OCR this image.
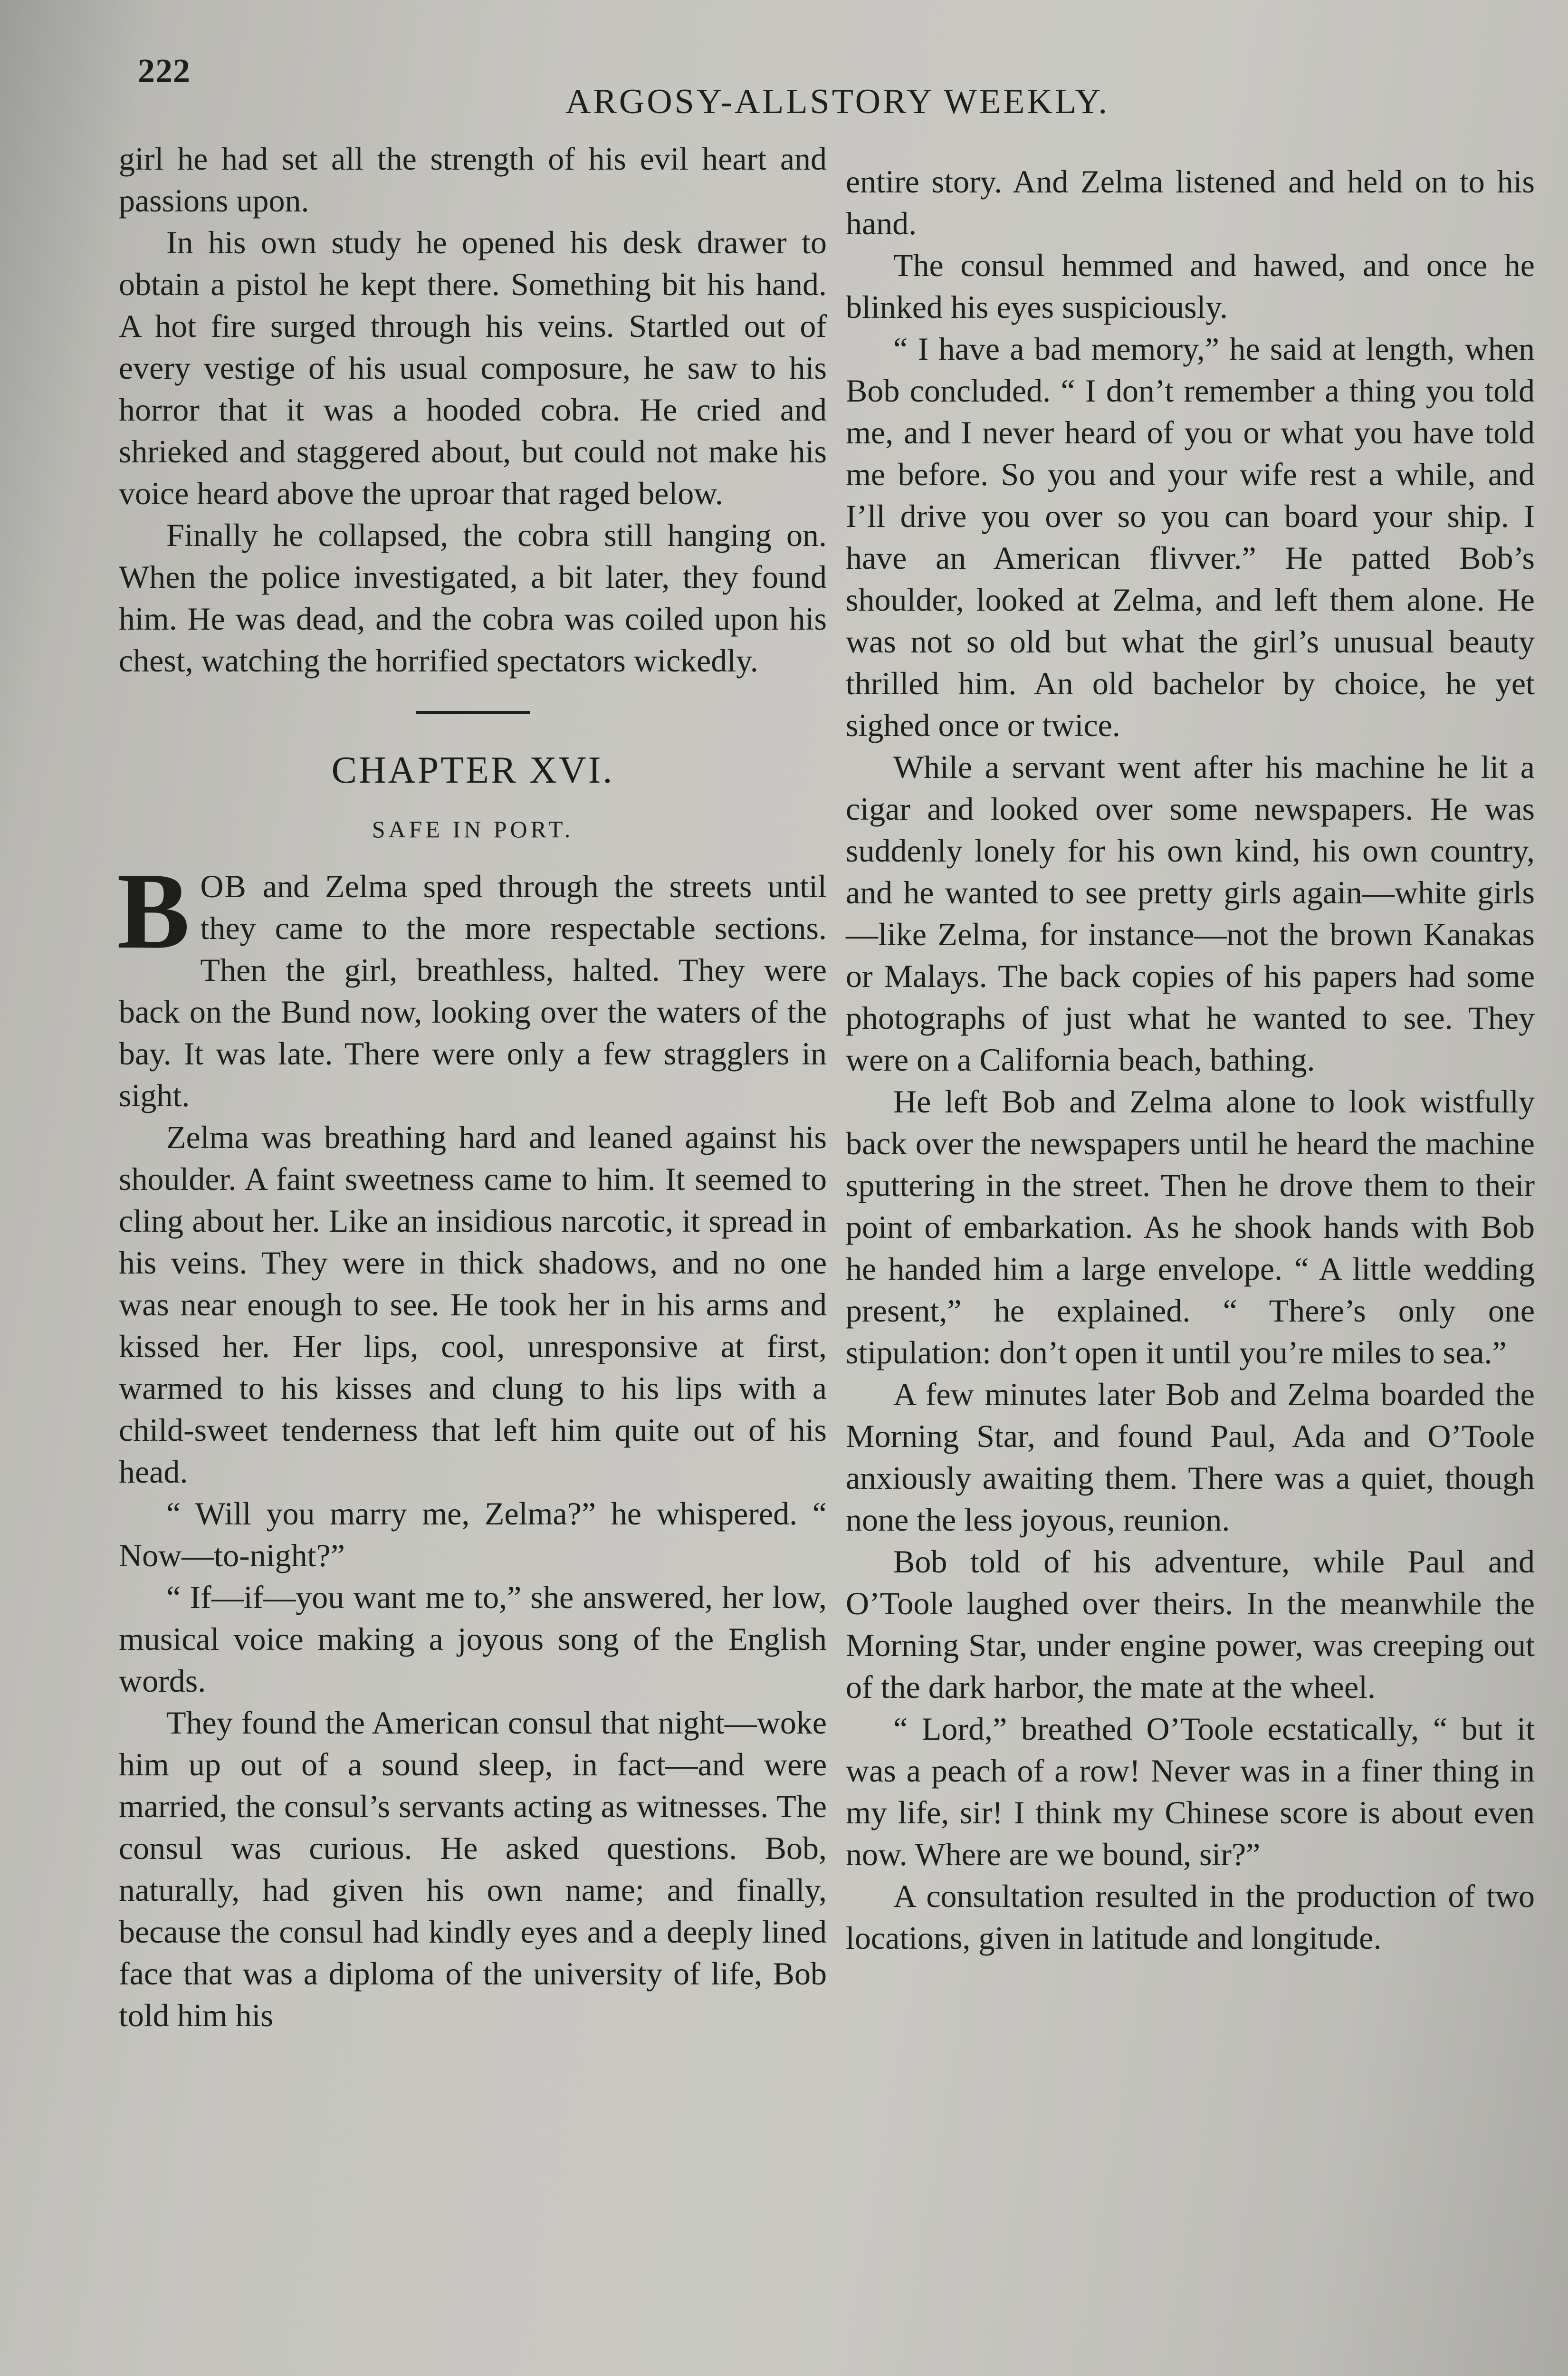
222
ARGOSY-ALLSTORY WEEKLY.

girl he had set all the strength of his evil heart and passions upon.

In his own study he opened his desk drawer to obtain a pistol he kept there. Something bit his hand. A hot fire surged through his veins. Startled out of every vestige of his usual composure, he saw to his horror that it was a hooded cobra. He cried and shrieked and staggered about, but could not make his voice heard above the uproar that raged below.

Finally he collapsed, the cobra still hanging on. When the police investigated, a bit later, they found him. He was dead, and the cobra was coiled upon his chest, watching the horrified spectators wickedly.

CHAPTER XVI.
SAFE IN PORT.

BOB and Zelma sped through the streets until they came to the more respectable sections. Then the girl, breathless, halted. They were back on the Bund now, looking over the waters of the bay. It was late. There were only a few stragglers in sight.

Zelma was breathing hard and leaned against his shoulder. A faint sweetness came to him. It seemed to cling about her. Like an insidious narcotic, it spread in his veins. They were in thick shadows, and no one was near enough to see. He took her in his arms and kissed her. Her lips, cool, unresponsive at first, warmed to his kisses and clung to his lips with a child-sweet tenderness that left him quite out of his head.

“ Will you marry me, Zelma?” he whispered. “ Now—to-night?”

“ If—if—you want me to,” she answered, her low, musical voice making a joyous song of the English words.

They found the American consul that night—woke him up out of a sound sleep, in fact—and were married, the consul’s servants acting as witnesses. The consul was curious. He asked questions. Bob, naturally, had given his own name; and finally, because the consul had kindly eyes and a deeply lined face that was a diploma of the university of life, Bob told him his

entire story. And Zelma listened and held on to his hand.

The consul hemmed and hawed, and once he blinked his eyes suspiciously.

“ I have a bad memory,” he said at length, when Bob concluded. “ I don’t remember a thing you told me, and I never heard of you or what you have told me before. So you and your wife rest a while, and I’ll drive you over so you can board your ship. I have an American flivver.” He patted Bob’s shoulder, looked at Zelma, and left them alone. He was not so old but what the girl’s unusual beauty thrilled him. An old bachelor by choice, he yet sighed once or twice.

While a servant went after his machine he lit a cigar and looked over some newspapers. He was suddenly lonely for his own kind, his own country, and he wanted to see pretty girls again—white girls—like Zelma, for instance—not the brown Kanakas or Malays. The back copies of his papers had some photographs of just what he wanted to see. They were on a California beach, bathing.

He left Bob and Zelma alone to look wistfully back over the newspapers until he heard the machine sputtering in the street. Then he drove them to their point of embarkation. As he shook hands with Bob he handed him a large envelope. “ A little wedding present,” he explained. “ There’s only one stipulation: don’t open it until you’re miles to sea.”

A few minutes later Bob and Zelma boarded the Morning Star, and found Paul, Ada and O’Toole anxiously awaiting them. There was a quiet, though none the less joyous, reunion.

Bob told of his adventure, while Paul and O’Toole laughed over theirs. In the meanwhile the Morning Star, under engine power, was creeping out of the dark harbor, the mate at the wheel.

“ Lord,” breathed O’Toole ecstatically, “ but it was a peach of a row! Never was in a finer thing in my life, sir! I think my Chinese score is about even now. Where are we bound, sir?”

A consultation resulted in the production of two locations, given in latitude and longitude.
